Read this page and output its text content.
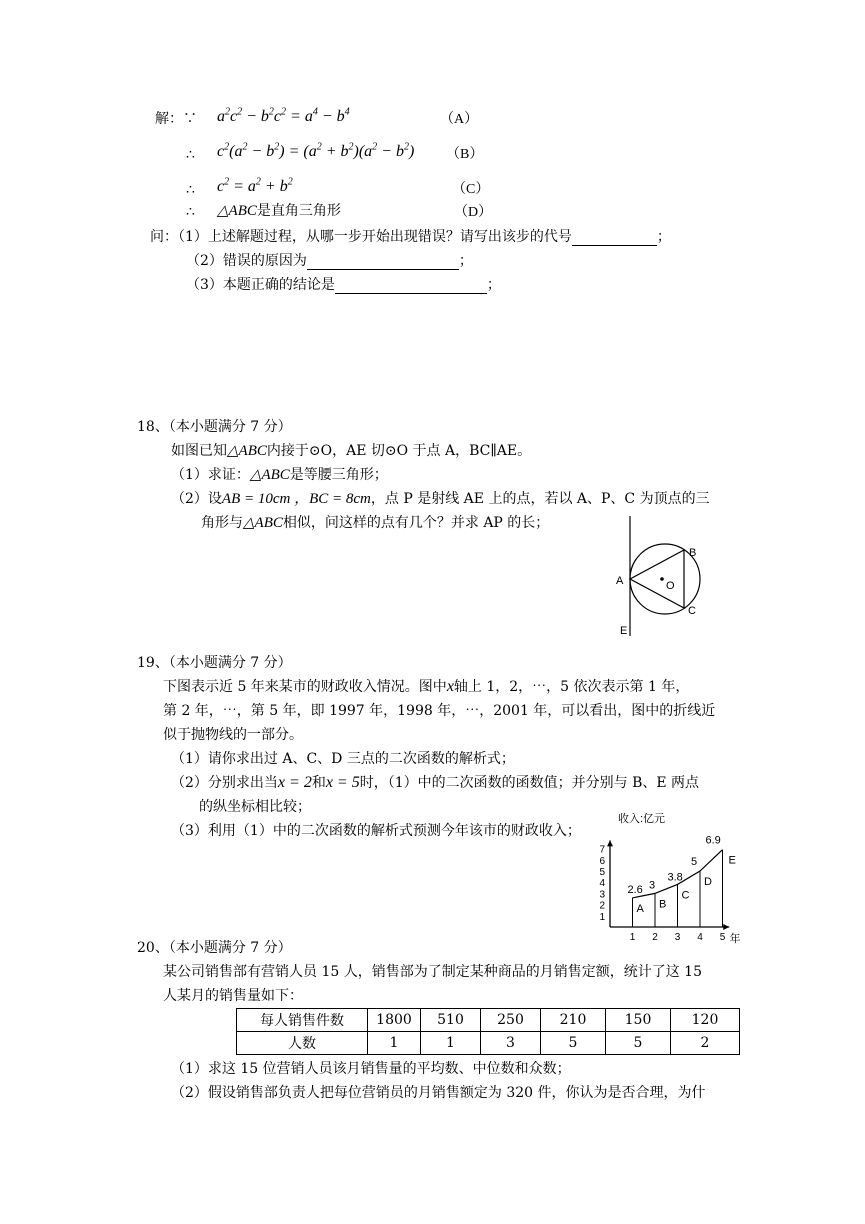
解：∵ $a^2c^2 - b^2c^2 = a^4 - b^4$	（A）
∴ $c^2(a^2 - b^2) = (a^2 + b^2)(a^2 - b^2)$ （B）
∴ $c^2 = a^2 + b^2$	（C）
∴ △ABC是直角三角形	（D）
问：（1）上述解题过程，从哪一步开始出现错误？请写出该步的代号	；
（2）错误的原因为	；
（3）本题正确的结论是	；
18、（本小题满分 7 分）
如图已知△ABC内接于⊙O，AE 切⊙O 于点 A，BC∥AE。
（1）求证：△ABC是等腰三角形；
（2）设AB = 10cm ，BC = 8cm，点 P 是射线 AE 上的点，若以 A、P、C 为顶点的三
角形与△ABC相似，问这样的点有几个？并求 AP 的长；
A
B
C
O
E
19、（本小题满分 7 分）
下图表示近 5 年来某市的财政收入情况。图中x轴上 1，2，⋯，5 依次表示第 1 年，
第 2 年，⋯，第 5 年，即 1997 年，1998 年，⋯，2001 年，可以看出，图中的折线近
似于抛物线的一部分。
（1）请你求出过 A、C、D 三点的二次函数的解析式；
（2）分别求出当x = 2和x = 5时，（1）中的二次函数的函数值；并分别与 B、E 两点
的纵坐标相比较；
（3）利用（1）中的二次函数的解析式预测今年该市的财政收入；
1
2
3
4
5
6
7
1 2 3 4 5
收入:亿元
年
2.6
A
3
B
3.8
C
5
D
6.9
E
20、（本小题满分 7 分）
某公司销售部有营销人员 15 人，销售部为了制定某种商品的月销售定额，统计了这 15
人某月的销售量如下：
每人销售件数	1800	510	250	210	150	120
人数	1	1	3	5	5	2
（1）求这 15 位营销人员该月销售量的平均数、中位数和众数；
（2）假设销售部负责人把每位营销员的月销售额定为 320 件，你认为是否合理，为什
